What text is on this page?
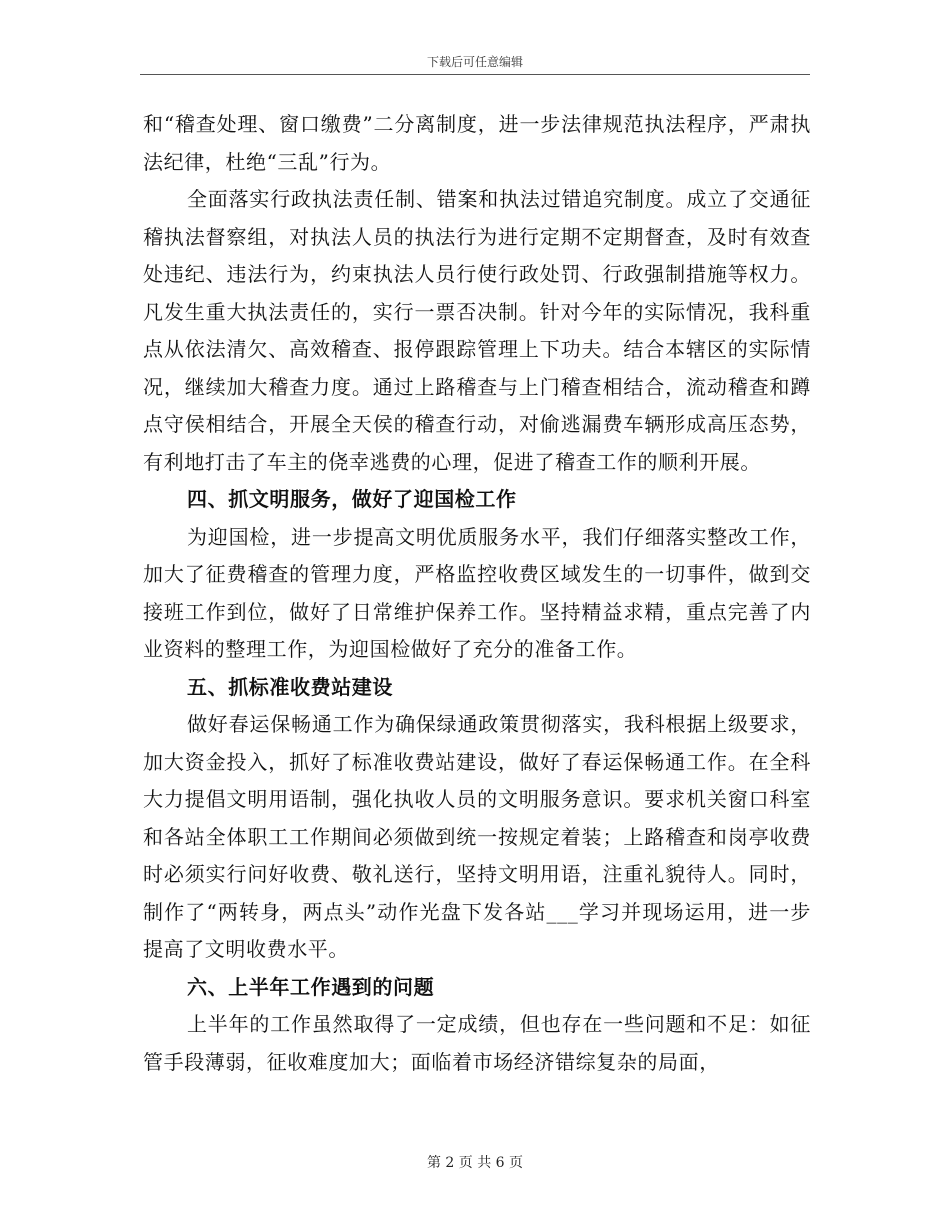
下载后可任意编辑

和“稽查处理、窗口缴费”二分离制度，进一步法律规范执法程序，严肃执法纪律，杜绝“三乱”行为。

全面落实行政执法责任制、错案和执法过错追究制度。成立了交通征稽执法督察组，对执法人员的执法行为进行定期不定期督查，及时有效查处违纪、违法行为，约束执法人员行使行政处罚、行政强制措施等权力。凡发生重大执法责任的，实行一票否决制。针对今年的实际情况，我科重点从依法清欠、高效稽查、报停跟踪管理上下功夫。结合本辖区的实际情况，继续加大稽查力度。通过上路稽查与上门稽查相结合，流动稽查和蹲点守侯相结合，开展全天侯的稽查行动，对偷逃漏费车辆形成高压态势，有利地打击了车主的侥幸逃费的心理，促进了稽查工作的顺利开展。

四、抓文明服务，做好了迎国检工作

为迎国检，进一步提高文明优质服务水平，我们仔细落实整改工作，加大了征费稽查的管理力度，严格监控收费区域发生的一切事件，做到交接班工作到位，做好了日常维护保养工作。坚持精益求精，重点完善了内业资料的整理工作，为迎国检做好了充分的准备工作。

五、抓标准收费站建设

做好春运保畅通工作为确保绿通政策贯彻落实，我科根据上级要求，加大资金投入，抓好了标准收费站建设，做好了春运保畅通工作。在全科大力提倡文明用语制，强化执收人员的文明服务意识。要求机关窗口科室和各站全体职工工作期间必须做到统一按规定着装；上路稽查和岗亭收费时必须实行问好收费、敬礼送行，坚持文明用语，注重礼貌待人。同时，制作了“两转身，两点头”动作光盘下发各站___学习并现场运用，进一步提高了文明收费水平。

六、上半年工作遇到的问题

上半年的工作虽然取得了一定成绩，但也存在一些问题和不足：如征管手段薄弱，征收难度加大；面临着市场经济错综复杂的局面，

第 2 页 共 6 页
